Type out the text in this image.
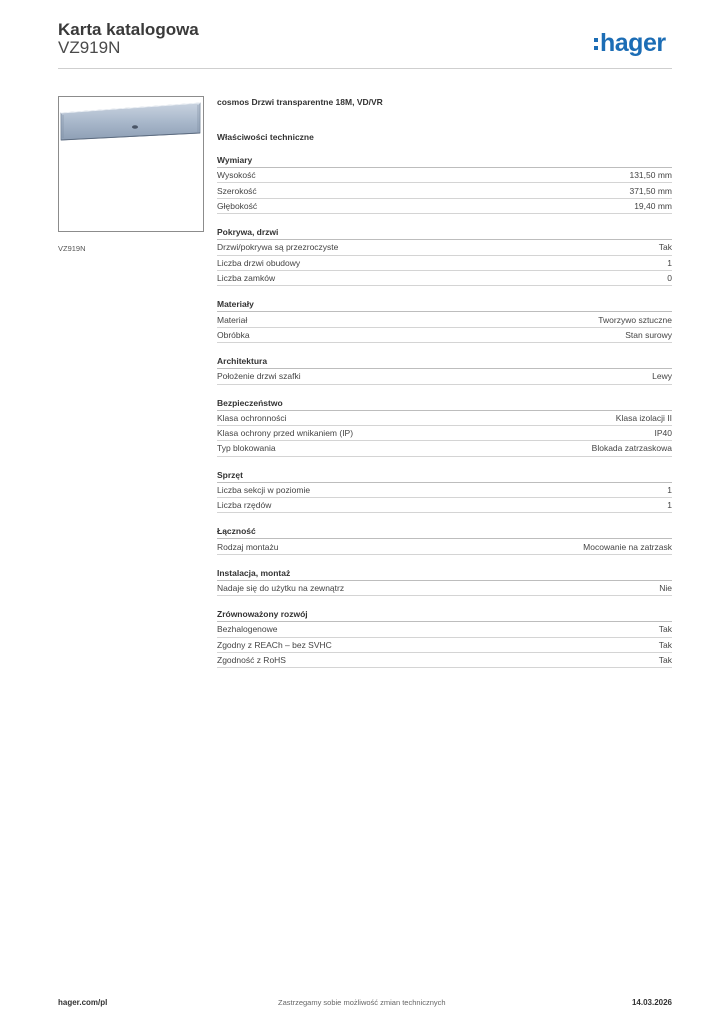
Karta katalogowa
VZ919N	hager
VZ919N
cosmos Drzwi transparentne 18M, VD/VR
Właściwości techniczne
Wymiary
Wysokość	131,50 mm
Szerokość	371,50 mm
Głębokość	19,40 mm
Pokrywa, drzwi
Drzwi/pokrywa są przezroczyste	Tak
Liczba drzwi obudowy	1
Liczba zamków	0
Materiały
Materiał	Tworzywo sztuczne
Obróbka	Stan surowy
Architektura
Położenie drzwi szafki	Lewy
Bezpieczeństwo
Klasa ochronności	Klasa izolacji II
Klasa ochrony przed wnikaniem (IP)	IP40
Typ blokowania	Blokada zatrzaskowa
Sprzęt
Liczba sekcji w poziomie	1
Liczba rzędów	1
Łączność
Rodzaj montażu	Mocowanie na zatrzask
Instalacja, montaż
Nadaje się do użytku na zewnątrz	Nie
Zrównoważony rozwój
Bezhalogenowe	Tak
Zgodny z REACh – bez SVHC	Tak
Zgodność z RoHS	Tak
hager.com/pl	Zastrzegamy sobie możliwość zmian technicznych	14.03.2026
